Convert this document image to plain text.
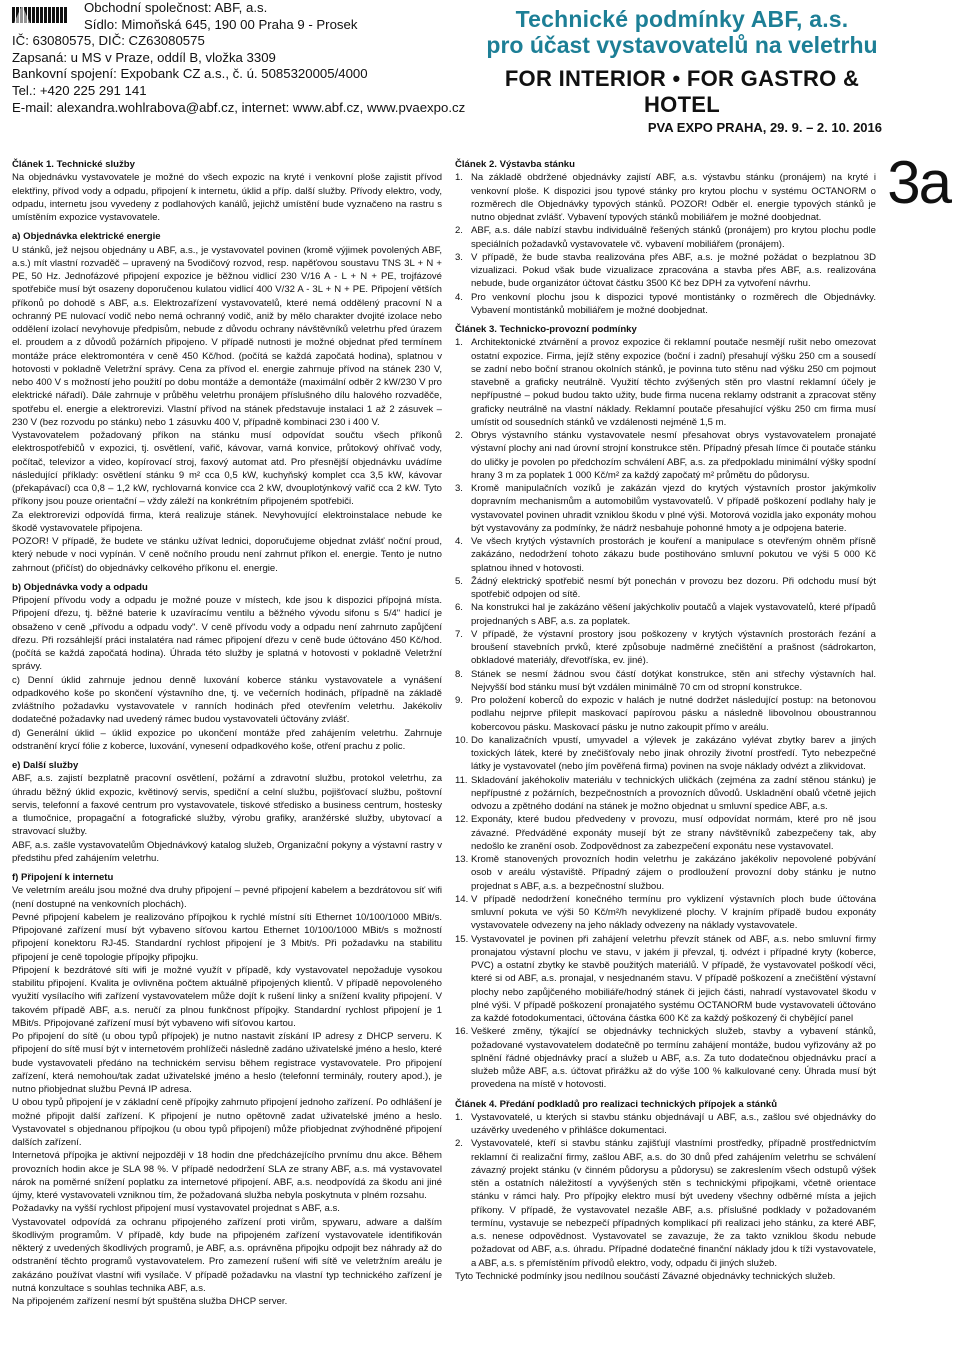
Obchodní společnost: ABF, a.s.
Sídlo: Mimoňská 645, 190 00 Praha 9 - Prosek
IČ: 63080575, DIČ: CZ63080575
Zapsaná: u MS v Praze, oddíl B, vložka 3309
Bankovní spojení: Expobank CZ a.s., č. ú. 5085320005/4000
Tel.: +420 225 291 141
E-mail: alexandra.wohlrabova@abf.cz, internet: www.abf.cz, www.pvaexpo.cz
Technické podmínky ABF, a.s.
pro účast vystavovatelů na veletrhu
FOR INTERIOR • FOR GASTRO & HOTEL
PVA EXPO PRAHA, 29. 9. – 2. 10. 2016
3a

Článek 1. Technické služby

Na objednávku vystavovatele je možné do všech expozic na kryté i venkovní ploše zajistit přívod elektřiny, přívod vody a odpadu, připojení k internetu, úklid a příp. další služby. Přívody elektro, vody, odpadu, internetu jsou vyvedeny z podlahových kanálů, jejichž umístění bude vyznačeno na rastru s umístěním expozice vystavovatele.

a) Objednávka elektrické energie

U stánků, jež nejsou objednány u ABF, a.s., je vystavovatel povinen (kromě výjimek povolených ABF, a.s.) mít vlastní rozvaděč – upravený na 5vodičový rozvod, resp. napěťovou soustavu TNS 3L + N + PE, 50 Hz. Jednofázové připojení expozice je běžnou vidlicí 230 V/16 A - L + N + PE, trojfázové spotřebiče musí být osazeny doporučenou kulatou vidlicí 400 V/32 A - 3L + N + PE. Připojení větších příkonů po dohodě s ABF, a.s. Elektrozařízení vystavovatelů, které nemá oddělený pracovní N a ochranný PE nulovací vodič nebo nemá ochranný vodič, aniž by mělo charakter dvojité izolace nebo oddělení izolací nevyhovuje předpisům, nebude z důvodu ochrany návštěvníků veletrhu před úrazem el. proudem a z důvodů požárních připojeno. V případě nutnosti je možné objednat před termínem montáže práce elektromontéra v ceně 450 Kč/hod. (počítá se každá započatá hodina), splatnou v hotovosti v pokladně Veletržní správy. Cena za přívod el. energie zahrnuje přívod na stánek 230 V, nebo 400 V s možností jeho použití po dobu montáže a demontáže (maximální odběr 2 kW/230 V pro elektrické nářadí). Dále zahrnuje v průběhu veletrhu pronájem příslušného dílu halového rozvaděče, spotřebu el. energie a elektrorevizi. Vlastní přívod na stánek představuje instalaci 1 až 2 zásuvek – 230 V (bez rozvodu po stánku) nebo 1 zásuvku 400 V, případně kombinaci 230 i 400 V.

Vystavovatelem požadovaný příkon na stánku musí odpovídat součtu všech příkonů elektrospotřebičů v expozici, tj. osvětlení, vařič, kávovar, varná konvice, průtokový ohřívač vody, počítač, televizor a video, kopírovací stroj, faxový automat atd. Pro přesnější objednávku uvádíme následující příklady: osvětlení stánku 9 m² cca 0,5 kW, kuchyňský komplet cca 3,5 kW, kávovar (překapávací) cca 0,8 – 1,2 kW, rychlovarná konvice cca 2 kW, dvouplotýnkový vařič cca 2 kW. Tyto příkony jsou pouze orientační – vždy záleží na konkrétním připojeném spotřebiči.

Za elektrorevizi odpovídá firma, která realizuje stánek. Nevyhovující elektroinstalace nebude ke škodě vystavovatele připojena.

POZOR! V případě, že budete ve stánku užívat lednici, doporučujeme objednat zvlášť noční proud, který nebude v noci vypínán. V ceně nočního proudu není zahrnut příkon el. energie. Tento je nutno zahrnout (přičíst) do objednávky celkového příkonu el. energie.

b) Objednávka vody a odpadu

Připojení přívodu vody a odpadu je možné pouze v místech, kde jsou k dispozici přípojná místa. Připojení dřezu, tj. běžné baterie k uzavíracímu ventilu a běžného vývodu sifonu s 5/4" hadicí je obsaženo v ceně „přívodu a odpadu vody". V ceně přívodu vody a odpadu není zahrnuto zapůjčení dřezu. Při rozsáhlejší práci instalatéra nad rámec připojení dřezu v ceně bude účtováno 450 Kč/hod. (počítá se každá započatá hodina). Úhrada této služby je splatná v hotovosti v pokladně Veletržní správy.

c) Denní úklid zahrnuje jednou denně luxování koberce stánku vystavovatele a vynášení odpadkového koše po skončení výstavního dne, tj. ve večerních hodinách, případně na základě zvláštního požadavku vystavovatele v ranních hodinách před otevřením veletrhu. Jakékoliv dodatečné požadavky nad uvedený rámec budou vystavovateli účtovány zvlášť.

d) Generální úklid – úklid expozice po ukončení montáže před zahájením veletrhu. Zahrnuje odstranění krycí fólie z koberce, luxování, vynesení odpadkového koše, otření prachu z polic.

e) Další služby

ABF, a.s. zajistí bezplatně pracovní osvětlení, požární a zdravotní službu, protokol veletrhu, za úhradu běžný úklid expozic, květinový servis, spediční a celní službu, pojišťovací službu, poštovní servis, telefonní a faxové centrum pro vystavovatele, tiskové středisko a business centrum, hostesky a tlumočnice, propagační a fotografické služby, výrobu grafiky, aranžérské služby, ubytovací a stravovací služby.

ABF, a.s. zašle vystavovatelům Objednávkový katalog služeb, Organizační pokyny a výstavní rastry v předstihu před zahájením veletrhu.

f) Připojení k internetu

Ve veletrním areálu jsou možné dva druhy připojení – pevné připojení kabelem a bezdrátovou síť wifi (není dostupné na venkovních plochách).

Pevné připojení kabelem je realizováno přípojkou k rychlé místní síti Ethernet 10/100/1000 MBit/s. Připojované zařízení musí být vybaveno síťovou kartou Ethernet 10/100/1000 MBit/s s možností připojení konektoru RJ-45. Standardní rychlost připojení je 3 Mbit/s. Při požadavku na stabilitu připojení je ceně topologie přípojky připojku.

Připojení k bezdrátové síti wifi je možné využít v případě, kdy vystavovatel nepožaduje vysokou stabilitu připojení. Kvalita je ovlivněna počtem aktuálně připojených klientů. V případě nepovoleného využití vysílacího wifi zařízení vystavovatelem může dojít k rušení linky a snížení kvality připojení. V takovém případě ABF, a.s. neručí za plnou funkčnost přípojky. Standardní rychlost připojení je 1 MBit/s. Připojované zařízení musí být vybaveno wifi síťovou kartou.

Po připojení do sítě (u obou typů přípojek) je nutno nastavit získání IP adresy z DHCP serveru. K připojení do sítě musí být v internetovém prohlížeči následně zadáno uživatelské jméno a heslo, které bude vystavovateli předáno na technickém servisu během registrace vystavovatele. Pro připojení zařízení, která nemohou/tak zadat uživatelské jméno a heslo (telefonní terminály, routery apod.), je nutno přiobjednat službu Pevná IP adresa.

U obou typů připojení je v základní ceně přípojky zahrnuto připojení jednoho zařízení. Po odhlášení je možné připojit další zařízení. K připojení je nutno opětovně zadat uživatelské jméno a heslo. Vystavovatel s objednanou přípojkou (u obou typů připojení) může přiobjednat zvýhodněné připojení dalších zařízení.

Internetová přípojka je aktivní nejpozději v 18 hodin dne předcházejícího prvnímu dnu akce. Během provozních hodin akce je SLA 98 %. V případě nedodržení SLA ze strany ABF, a.s. má vystavovatel nárok na poměrné snížení poplatku za internetové připojení. ABF, a.s. neodpovídá za škodu ani jiné újmy, které vystavovateli vzniknou tím, že požadovaná služba nebyla poskytnuta v plném rozsahu.

Požadavky na vyšší rychlost připojení musí vystavovatel projednat s ABF, a.s.

Vystavovatel odpovídá za ochranu připojeného zařízení proti virům, spywaru, adware a dalším škodlivým programům. V případě, kdy bude na připojeném zařízení vystavovatele identifikován některý z uvedených škodlivých programů, je ABF, a.s. oprávněna připojku odpojit bez náhrady až do odstranění těchto programů vystavovatelem. Pro zamezení rušení wifi sítě ve veletržním areálu je zakázáno používat vlastní wifi vysílače. V případě požadavku na vlastní typ technického zařízení je nutná konzultace s souhlas technika ABF, a.s.

Na připojeném zařízení nesmí být spuštěna služba DHCP server.

Článek 2. Výstavba stánku

1. Na základě obdržené objednávky zajistí ABF, a.s. výstavbu stánku (pronájem) na kryté i venkovní ploše. K dispozici jsou typové stánky pro krytou plochu v systému OCTANORM o rozměrech dle Objednávky typových stánků. POZOR! Odběr el. energie typových stánků je nutno objednat zvlášť. Vybavení typových stánků mobiliářem je možné doobjednat.

2. ABF, a.s. dále nabízí stavbu individuálně řešených stánků (pronájem) pro krytou plochu podle speciálních požadavků vystavovatele vč. vybavení mobiliářem (pronájem).

3. V případě, že bude stavba realizována přes ABF, a.s. je možné požádat o bezplatnou 3D vizualizaci. Pokud však bude vizualizace zpracována a stavba přes ABF, a.s. realizována nebude, bude organizátor účtovat částku 3500 Kč bez DPH za vytvoření návrhu.

4. Pro venkovní plochu jsou k dispozici typové montistánky o rozměrech dle Objednávky. Vybavení montistánků mobiliářem je možné doobjednat.

Článek 3. Technicko-provozní podmínky

1. Architektonické ztvárnění a provoz expozice či reklamní poutače nesmějí rušit nebo omezovat ostatní expozice. Firma, jejíž stěny expozice (boční i zadní) přesahují výšku 250 cm a sousedí se zadní nebo boční stranou okolních stánků, je povinna tuto stěnu nad výšku 250 cm pojmout stavebně a graficky neutrálně. Využití těchto zvýšených stěn pro vlastní reklamní účely je nepřípustné – pokud budou takto užity, bude firma nucena reklamy odstranit a zpracovat stěny graficky neutrálně na vlastní náklady. Reklamní poutače přesahující výšku 250 cm firma musí umístit od sousedních stánků ve vzdálenosti nejméně 1,5 m.

2. Obrys výstavního stánku vystavovatele nesmí přesahovat obrys vystavovatelem pronajaté výstavní plochy ani nad úrovní strojní konstrukce stěn. Případný přesah límce či poutače stánku do uličky je povolen po předchozím schválení ABF, a.s. za předpokladu minimální výšky spodní hrany 3 m za poplatek 1 000 Kč/m² za každý započatý m² průmětu do půdorysu.

3. Kromě manipulačních vozíků je zakázán vjezd do krytých výstavních prostor jakýmkoliv dopravním mechanismům a automobilům vystavovatelů. V případě poškození podlahy haly je vystavovatel povinen uhradit vzniklou škodu v plné výši. Motorová vozidla jako exponáty mohou být vystavovány za podmínky, že nádrž nesbahuje pohonné hmoty a je odpojena baterie.

4. Ve všech krytých výstavních prostorách je kouření a manipulace s otevřeným ohněm přísně zakázáno, nedodržení tohoto zákazu bude postihováno smluvní pokutou ve výši 5 000 Kč splatnou ihned v hotovosti.

5. Žádný elektrický spotřebič nesmí být ponechán v provozu bez dozoru. Při odchodu musí být spotřebič odpojen od sítě.

6. Na konstrukci hal je zakázáno věšení jakýchkoliv poutačů a vlajek vystavovatelů, které případů projednaných s ABF, a.s. za poplatek.

7. V případě, že výstavní prostory jsou poškozeny v krytých výstavních prostorách řezání a broušení stavebních prvků, které způsobuje nadměrné znečištění a prašnost (sádrokarton, obkladové materiály, dřevotříska, ev. jiné).

8. Stánek se nesmí žádnou svou částí dotýkat konstrukce, stěn ani střechy výstavních hal. Nejvyšší bod stánku musí být vzdálen minimálně 70 cm od stropní konstrukce.

9. Pro položení koberců do expozic v halách je nutné dodržet následující postup: na betonovou podlahu nejprve přilepit maskovací papírovou pásku a následně libovolnou oboustrannou kobercovou pásku. Maskovací pásku je nutno zakoupit přímo v areálu.

10. Do kanalizačních vpustí, umyvadel a výlevek je zakázáno vylévat zbytky barev a jiných toxických látek, které by znečišťovaly nebo jinak ohrozily životní prostředí. Tyto nebezpečné látky je vystavovatel (nebo jím pověřená firma) povinen na svoje náklady odvézt a zlikvidovat.

11. Skladování jakéhokoliv materiálu v technických uličkách (zejména za zadní stěnou stánku) je nepřípustné z požárních, bezpečnostních a provozních důvodů. Uskladnění obalů včetně jejich odvozu a zpětného dodání na stánek je možno objednat u smluvní spedice ABF, a.s.

12. Exponáty, které budou předvedeny v provozu, musí odpovídat normám, které pro ně jsou závazné. Předváděné exponáty musejí být ze strany návštěvníků zabezpečeny tak, aby nedošlo ke zranění osob. Zodpovědnost za zabezpečení exponátu nese vystavovatel.

13. Kromě stanovených provozních hodin veletrhu je zakázáno jakékoliv nepovolené pobývání osob v areálu výstaviště. Případný zájem o prodloužení provozní doby stánku je nutno projednat s ABF, a.s. a bezpečnostní službou.

14. V případě nedodržení konečného termínu pro vyklizení výstavních ploch bude účtována smluvní pokuta ve výši 50 Kč/m²/h nevyklizené plochy. V krajním případě budou exponáty vystavovatele odvezeny na jeho náklady odvezeny na náklady vystavovatele.

15. Vystavovatel je povinen při zahájení veletrhu převzít stánek od ABF, a.s. nebo smluvní firmy pronajatou výstavní plochu ve stavu, v jakém ji převzal, tj. odvézt i případné kryty (koberce, PVC) a ostatní zbytky ke stavbě použitých materiálů. V případě, že vystavovatel poškodí věci, které si od ABF, a.s. pronajal, v nesjednaném stavu. V případě poškození a znečištění výstavní plochy nebo zapůjčeného mobiliáře/hodný stánek či jejich části, nahradí vystavovatel škodu v plné výši. V případě poškození pronajatého systému OCTANORM bude vystavovateli účtováno za každé fotodokumentaci, účtována částka 600 Kč za každý poškozený či chybějící panel

16. Veškeré změny, týkající se objednávky technických služeb, stavby a vybavení stánků, požadované vystavovatelem dodatečně po termínu zahájení montáže, budou vyřizovány až po splnění řádné objednávky prací a služeb u ABF, a.s. Za tuto dodatečnou objednávku prací a služeb může ABF, a.s. účtovat přirážku až do výše 100 % kalkulované ceny. Úhrada musí být provedena na místě v hotovosti.

Článek 4. Předání podkladů pro realizaci technických přípojek a stánků

1. Vystavovatelé, u kterých si stavbu stánku objednávají u ABF, a.s., zašlou své objednávky do uzávěrky uvedeného v přihlášce dokumentaci.

2. Vystavovatelé, kteří si stavbu stánku zajišťují vlastními prostředky, případně prostřednictvím reklamní či realizační firmy, zašlou ABF, a.s. do 30 dnů před zahájením veletrhu se schválení závazný projekt stánku (v činném půdorysu a půdorysu) se zakreslením všech odstupů výšek stěn a ostatních náležitostí a vyvýšených stěn s technickými připojkami, včetně orientace stánku v rámci haly. Pro přípojky elektro musí být uvedeny všechny odběrné místa a jejich příkony. V případě, že vystavovatel nezašle ABF, a.s. příslušné podklady v požadovaném termínu, vystavuje se nebezpečí případných komplikací při realizaci jeho stánku, za které ABF, a.s. nenese odpovědnost. Vystavovatel se zavazuje, že za takto vzniklou škodu nebude požadovat od ABF, a.s. úhradu. Případné dodatečné finanční náklady jdou k tíži vystavovatele, a ABF, a.s. s přemístěním přívodů elektro, vody, odpadu či jiných služeb.

Tyto Technické podmínky jsou nedílnou součástí Závazné objednávky technických služeb.
